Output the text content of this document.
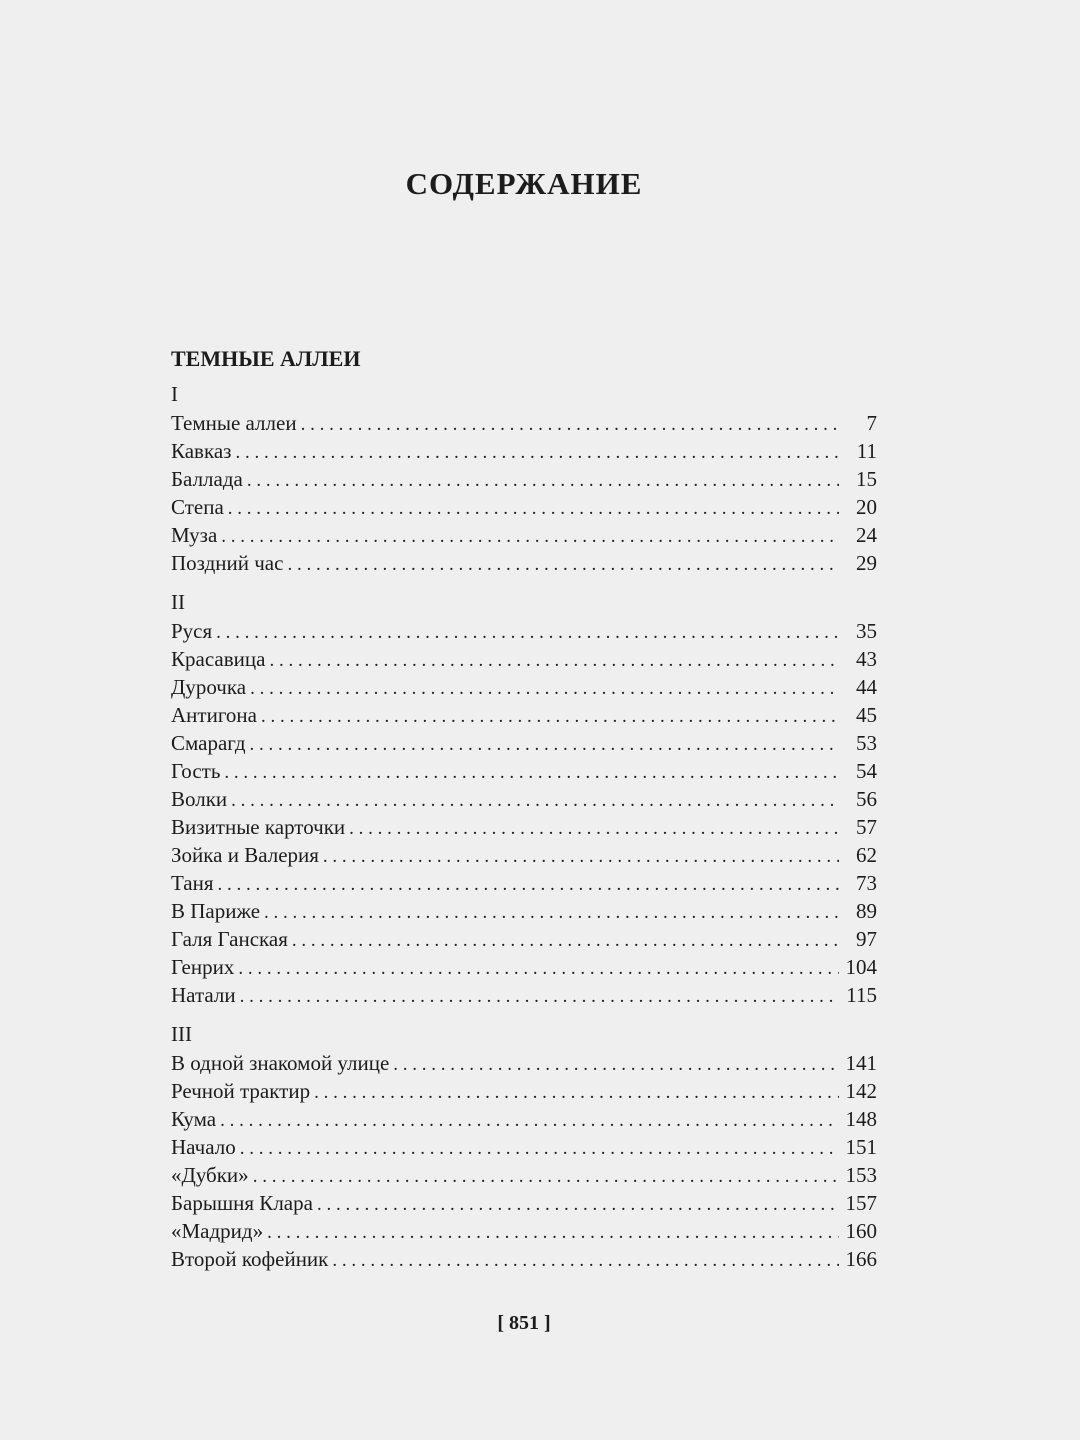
СОДЕРЖАНИЕ
ТЕМНЫЕ АЛЛЕИ
I
Темные аллеи . . .	7
Кавказ . . .	11
Баллада . . .	15
Степа . . .	20
Муза . . .	24
Поздний час . . .	29
II
Руся . . .	35
Красавица . . .	43
Дурочка . . .	44
Антигона . . .	45
Смарагд . . .	53
Гость . . .	54
Волки . . .	56
Визитные карточки . . .	57
Зойка и Валерия . . .	62
Таня . . .	73
В Париже . . .	89
Галя Ганская . . .	97
Генрих . . .	104
Натали . . .	115
III
В одной знакомой улице . . .	141
Речной трактир . . .	142
Кума . . .	148
Начало . . .	151
«Дубки» . . .	153
Барышня Клара . . .	157
«Мадрид» . . .	160
Второй кофейник . . .	166
[ 851 ]
